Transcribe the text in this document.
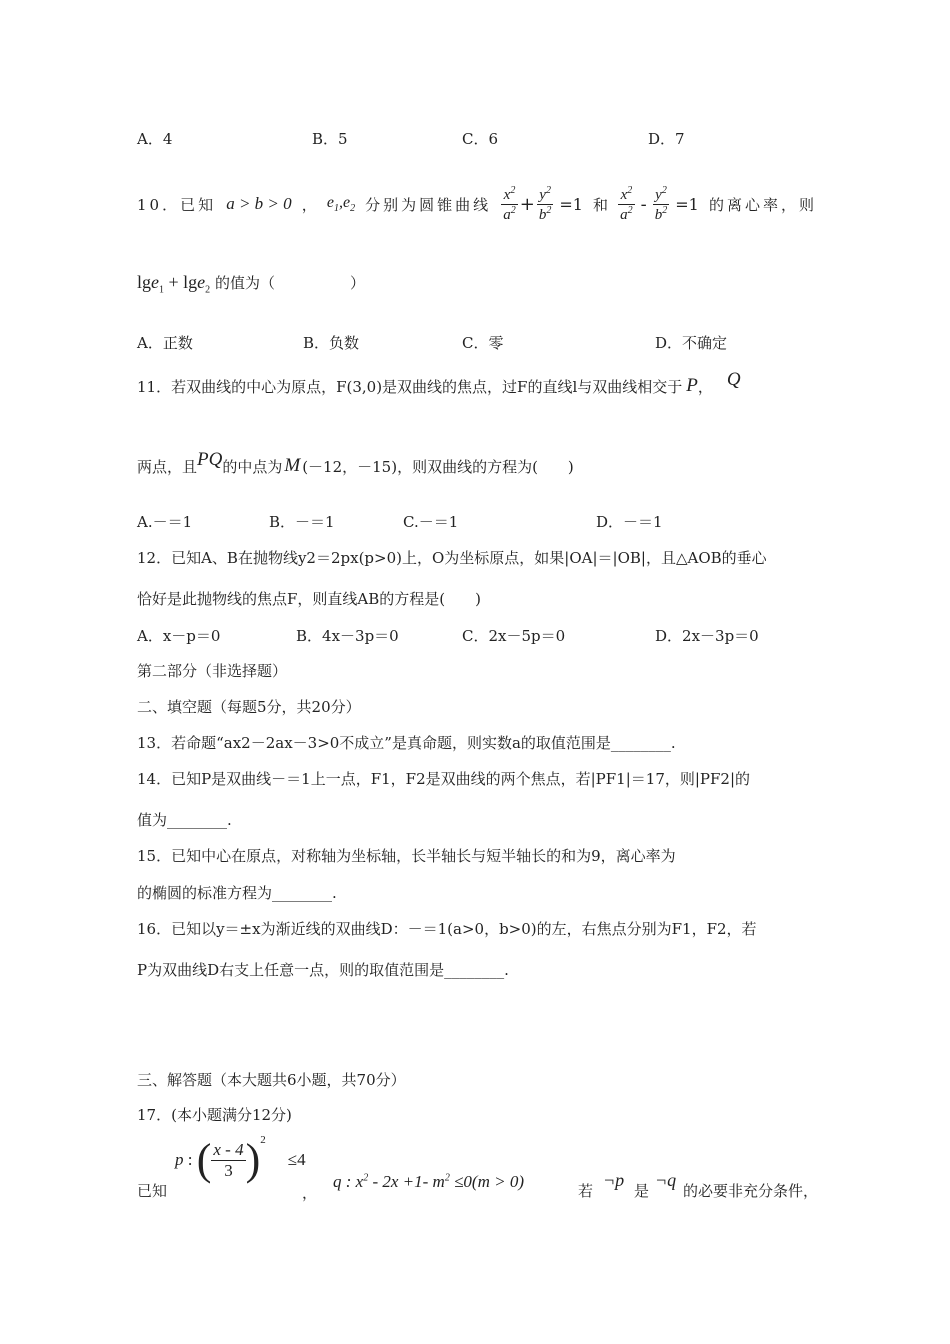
A．4	B．5	C．6	D．7
10．已知 a > b > 0 ， $e_1,e_2$ 分别为圆锥曲线 $\frac{x^2}{a^2} + \frac{y^2}{b^2} =1$ 和 $\frac{x^2}{a^2} - \frac{y^2}{b^2} =1$ 的离心率，则
lge$_1$ + lge$_2$ 的值为（　　　　　）
A．正数	B．负数	C．零	D．不确定
11．若双曲线的中心为原点，F(3,0)是双曲线的焦点，过F的直线l与双曲线相交于 P ， Q
两点，且 PQ 的中点为 M (－12，－15)，则双曲线的方程为(　　)
A.－＝1	B．－＝1	C.－＝1	D．－＝1
12．已知A、B在抛物线y2＝2px(p>0)上，O为坐标原点，如果|OA|＝|OB|，且△AOB的垂心
恰好是此抛物线的焦点F，则直线AB的方程是(　　)
A．x－p＝0	B．4x－3p＝0	C．2x－5p＝0	D．2x－3p＝0
第二部分（非选择题）
二、填空题（每题5分，共20分）
13．若命题“ax2－2ax－3>0不成立”是真命题，则实数a的取值范围是________.
14．已知P是双曲线－＝1上一点，F1，F2是双曲线的两个焦点，若|PF1|＝17，则|PF2|的
值为________.
15．已知中心在原点，对称轴为坐标轴，长半轴长与短半轴长的和为9，离心率为
的椭圆的标准方程为________.
16．已知以y＝±x为渐近线的双曲线D：－＝1(a>0，b>0)的左，右焦点分别为F1，F2，若
P为双曲线D右支上任意一点，则的取值范围是________.
三、解答题（本大题共6小题，共70分）
17．(本小题满分12分)
已知
p : ( $\frac{x - 4}{3} )^2$
≤4
，
q : $x^2 - 2x +1-$ $m^2 \le 0(m > 0)$	若
¬p
是
¬q
的必要非充分条件，
